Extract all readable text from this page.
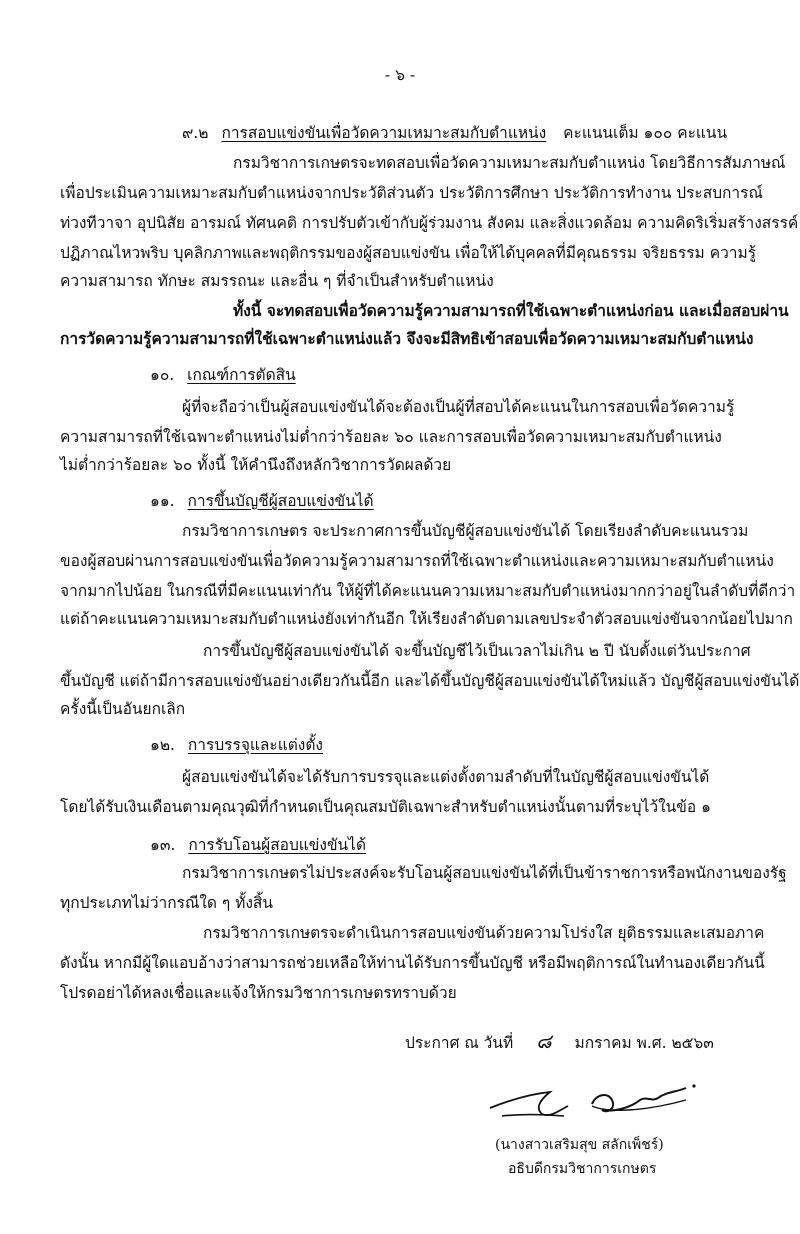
- ๖ -
๙.๒ การสอบแข่งขันเพื่อวัดความเหมาะสมกับตำแหน่ง คะแนนเต็ม ๑๐๐ คะแนน
กรมวิชาการเกษตรจะทดสอบเพื่อวัดความเหมาะสมกับตำแหน่ง โดยวิธีการสัมภาษณ์
เพื่อประเมินความเหมาะสมกับตำแหน่งจากประวัติส่วนตัว ประวัติการศึกษา ประวัติการทำงาน ประสบการณ์
ท่วงทีวาจา อุปนิสัย อารมณ์ ทัศนคติ การปรับตัวเข้ากับผู้ร่วมงาน สังคม และสิ่งแวดล้อม ความคิดริเริ่มสร้างสรรค์
ปฏิภาณไหวพริบ บุคลิกภาพและพฤติกรรมของผู้สอบแข่งขัน เพื่อให้ได้บุคคลที่มีคุณธรรม จริยธรรม ความรู้
ความสามารถ ทักษะ สมรรถนะ และอื่น ๆ ที่จำเป็นสำหรับตำแหน่ง
ทั้งนี้ จะทดสอบเพื่อวัดความรู้ความสามารถที่ใช้เฉพาะตำแหน่งก่อน และเมื่อสอบผ่าน
การวัดความรู้ความสามารถที่ใช้เฉพาะตำแหน่งแล้ว จึงจะมีสิทธิเข้าสอบเพื่อวัดความเหมาะสมกับตำแหน่ง
๑๐. เกณฑ์การตัดสิน
ผู้ที่จะถือว่าเป็นผู้สอบแข่งขันได้จะต้องเป็นผู้ที่สอบได้คะแนนในการสอบเพื่อวัดความรู้
ความสามารถที่ใช้เฉพาะตำแหน่งไม่ต่ำกว่าร้อยละ ๖๐ และการสอบเพื่อวัดความเหมาะสมกับตำแหน่ง
ไม่ต่ำกว่าร้อยละ ๖๐ ทั้งนี้ ให้คำนึงถึงหลักวิชาการวัดผลด้วย
๑๑. การขึ้นบัญชีผู้สอบแข่งขันได้
กรมวิชาการเกษตร จะประกาศการขึ้นบัญชีผู้สอบแข่งขันได้ โดยเรียงลำดับคะแนนรวม
ของผู้สอบผ่านการสอบแข่งขันเพื่อวัดความรู้ความสามารถที่ใช้เฉพาะตำแหน่งและความเหมาะสมกับตำแหน่ง
จากมากไปน้อย ในกรณีที่มีคะแนนเท่ากัน ให้ผู้ที่ได้คะแนนความเหมาะสมกับตำแหน่งมากกว่าอยู่ในลำดับที่ดีกว่า
แต่ถ้าคะแนนความเหมาะสมกับตำแหน่งยังเท่ากันอีก ให้เรียงลำดับตามเลขประจำตัวสอบแข่งขันจากน้อยไปมาก
การขึ้นบัญชีผู้สอบแข่งขันได้ จะขึ้นบัญชีไว้เป็นเวลาไม่เกิน ๒ ปี นับตั้งแต่วันประกาศ
ขึ้นบัญชี แต่ถ้ามีการสอบแข่งขันอย่างเดียวกันนี้อีก และได้ขึ้นบัญชีผู้สอบแข่งขันได้ใหม่แล้ว บัญชีผู้สอบแข่งขันได้
ครั้งนี้เป็นอันยกเลิก
๑๒. การบรรจุและแต่งตั้ง
ผู้สอบแข่งขันได้จะได้รับการบรรจุและแต่งตั้งตามลำดับที่ในบัญชีผู้สอบแข่งขันได้
โดยได้รับเงินเดือนตามคุณวุฒิที่กำหนดเป็นคุณสมบัติเฉพาะสำหรับตำแหน่งนั้นตามที่ระบุไว้ในข้อ ๑
๑๓. การรับโอนผู้สอบแข่งขันได้
กรมวิชาการเกษตรไม่ประสงค์จะรับโอนผู้สอบแข่งขันได้ที่เป็นข้าราชการหรือพนักงานของรัฐ
ทุกประเภทไม่ว่ากรณีใด ๆ ทั้งสิ้น
กรมวิชาการเกษตรจะดำเนินการสอบแข่งขันด้วยความโปร่งใส ยุติธรรมและเสมอภาค
ดังนั้น หากมีผู้ใดแอบอ้างว่าสามารถช่วยเหลือให้ท่านได้รับการขึ้นบัญชี หรือมีพฤติการณ์ในทำนองเดียวกันนี้
โปรดอย่าได้หลงเชื่อและแจ้งให้กรมวิชาการเกษตรทราบด้วย
ประกาศ ณ วันที่ ๘ มกราคม พ.ศ. ๒๕๖๓
(นางสาวเสริมสุข สลักเพ็ชร์)
อธิบดีกรมวิชาการเกษตร
